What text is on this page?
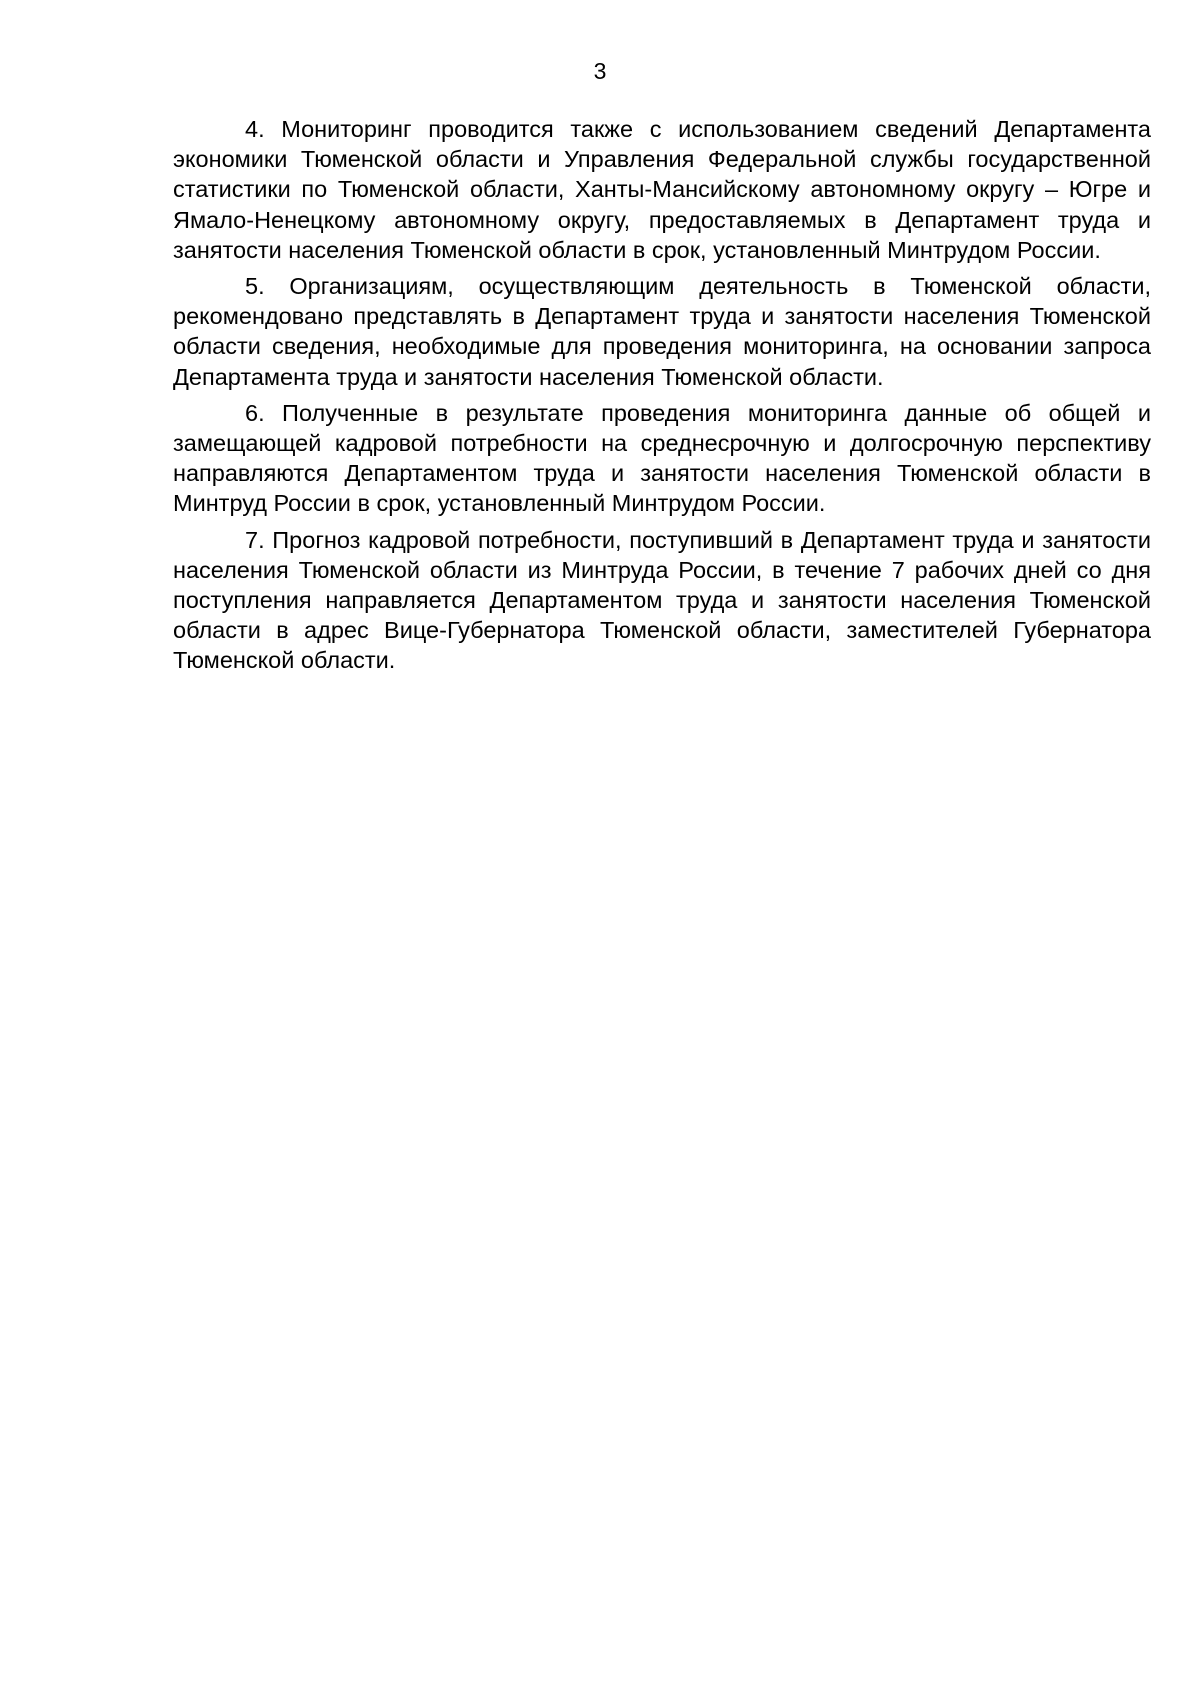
3

4. Мониторинг проводится также с использованием сведений Департамента экономики Тюменской области и Управления Федеральной службы государственной статистики по Тюменской области, Ханты-Мансийскому автономному округу – Югре и Ямало-Ненецкому автономному округу, предоставляемых в Департамент труда и занятости населения Тюменской области в срок, установленный Минтрудом России.

5. Организациям, осуществляющим деятельность в Тюменской области, рекомендовано представлять в Департамент труда и занятости населения Тюменской области сведения, необходимые для проведения мониторинга, на основании запроса Департамента труда и занятости населения Тюменской области.

6. Полученные в результате проведения мониторинга данные об общей и замещающей кадровой потребности на среднесрочную и долгосрочную перспективу направляются Департаментом труда и занятости населения Тюменской области в Минтруд России в срок, установленный Минтрудом России.

7. Прогноз кадровой потребности, поступивший в Департамент труда и занятости населения Тюменской области из Минтруда России, в течение 7 рабочих дней со дня поступления направляется Департаментом труда и занятости населения Тюменской области в адрес Вице-Губернатора Тюменской области, заместителей Губернатора Тюменской области.
